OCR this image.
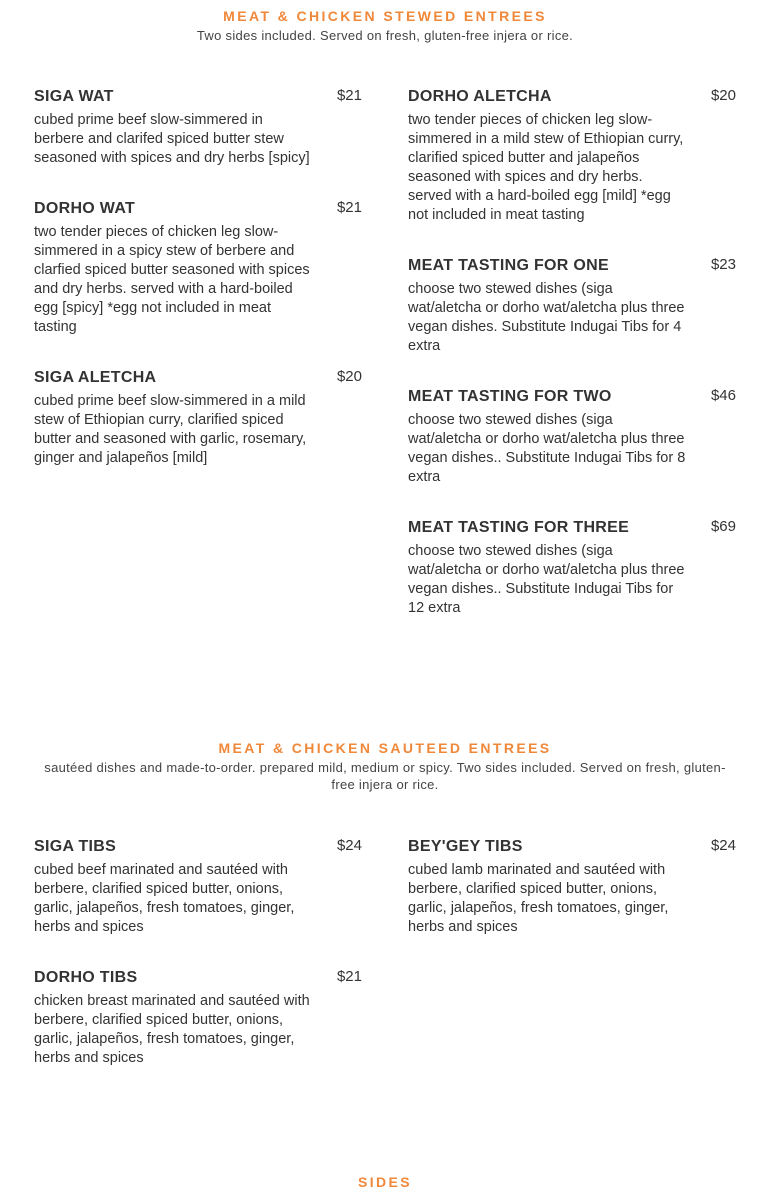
MEAT & CHICKEN STEWED ENTREES

Two sides included. Served on fresh, gluten-free injera or rice.

SIGA WAT	$21
cubed prime beef slow-simmered in berbere and clarifed spiced butter stew seasoned with spices and dry herbs [spicy]
DORHO WAT	$21
two tender pieces of chicken leg slow-simmered in a spicy stew of berbere and clarfied spiced butter seasoned with spices and dry herbs. served with a hard-boiled egg [spicy] *egg not included in meat tasting
SIGA ALETCHA	$20
cubed prime beef slow-simmered in a mild stew of Ethiopian curry, clarified spiced butter and seasoned with garlic, rosemary, ginger and jalapeños [mild]
DORHO ALETCHA	$20
two tender pieces of chicken leg slow-simmered in a mild stew of Ethiopian curry, clarified spiced butter and jalapeños seasoned with spices and dry herbs. served with a hard-boiled egg [mild] *egg not included in meat tasting
MEAT TASTING FOR ONE	$23
choose two stewed dishes (siga wat/aletcha or dorho wat/aletcha plus three vegan dishes. Substitute Indugai Tibs for 4 extra
MEAT TASTING FOR TWO	$46
choose two stewed dishes (siga wat/aletcha or dorho wat/aletcha plus three vegan dishes.. Substitute Indugai Tibs for 8 extra
MEAT TASTING FOR THREE	$69
choose two stewed dishes (siga wat/aletcha or dorho wat/aletcha plus three vegan dishes.. Substitute Indugai Tibs for 12 extra
MEAT & CHICKEN SAUTEED ENTREES

sautéed dishes and made-to-order. prepared mild, medium or spicy. Two sides included. Served on fresh, gluten-free injera or rice.

SIGA TIBS	$24
cubed beef marinated and sautéed with berbere, clarified spiced butter, onions, garlic, jalapeños, fresh tomatoes, ginger, herbs and spices
DORHO TIBS	$21
chicken breast marinated and sautéed with berbere, clarified spiced butter, onions, garlic, jalapeños, fresh tomatoes, ginger, herbs and spices
BEY'GEY TIBS	$24
cubed lamb marinated and sautéed with berbere, clarified spiced butter, onions, garlic, jalapeños, fresh tomatoes, ginger, herbs and spices
SIDES
